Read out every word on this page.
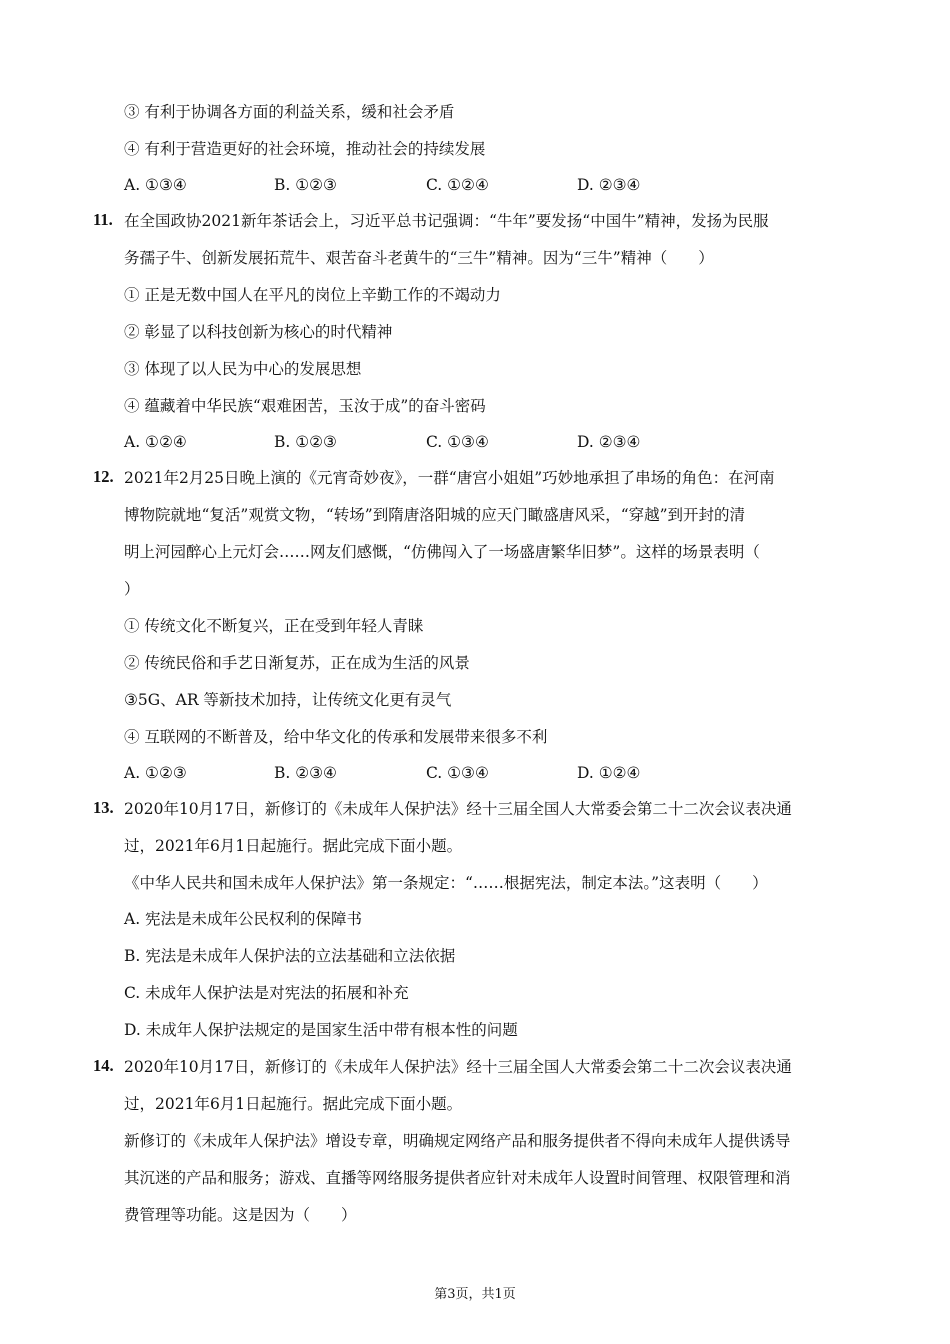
③ 有利于协调各方面的利益关系，缓和社会矛盾
④ 有利于营造更好的社会环境，推动社会的持续发展
A. ①③④	B. ①②③	C. ①②④	D. ②③④
11. 在全国政协2021新年茶话会上，习近平总书记强调：“牛年”要发扬“中国牛”精神，发扬为民服
务孺子牛、创新发展拓荒牛、艰苦奋斗老黄牛的“三牛”精神。因为“三牛”精神（　　）
① 正是无数中国人在平凡的岗位上辛勤工作的不竭动力
② 彰显了以科技创新为核心的时代精神
③ 体现了以人民为中心的发展思想
④ 蕴藏着中华民族“艰难困苦，玉汝于成”的奋斗密码
A. ①②④	B. ①②③	C. ①③④	D. ②③④
12. 2021年2月25日晚上演的《元宵奇妙夜》，一群“唐宫小姐姐”巧妙地承担了串场的角色：在河南
博物院就地“复活”观赏文物，“转场”到隋唐洛阳城的应天门瞰盛唐风采，“穿越”到开封的清
明上河园醉心上元灯会……网友们感慨，“仿佛闯入了一场盛唐繁华旧梦”。这样的场景表明（
）
① 传统文化不断复兴，正在受到年轻人青睐
② 传统民俗和手艺日渐复苏，正在成为生活的风景
③5G、AR 等新技术加持，让传统文化更有灵气
④ 互联网的不断普及，给中华文化的传承和发展带来很多不利
A. ①②③	B. ②③④	C. ①③④	D. ①②④
13. 2020年10月17日，新修订的《未成年人保护法》经十三届全国人大常委会第二十二次会议表决通
过，2021年6月1日起施行。据此完成下面小题。
《中华人民共和国未成年人保护法》第一条规定：“……根据宪法，制定本法。”这表明（　　）
A. 宪法是未成年公民权利的保障书
B. 宪法是未成年人保护法的立法基础和立法依据
C. 未成年人保护法是对宪法的拓展和补充
D. 未成年人保护法规定的是国家生活中带有根本性的问题
14. 2020年10月17日，新修订的《未成年人保护法》经十三届全国人大常委会第二十二次会议表决通
过，2021年6月1日起施行。据此完成下面小题。
新修订的《未成年人保护法》增设专章，明确规定网络产品和服务提供者不得向未成年人提供诱导
其沉迷的产品和服务；游戏、直播等网络服务提供者应针对未成年人设置时间管理、权限管理和消
费管理等功能。这是因为（　　）
第3页，共1页
